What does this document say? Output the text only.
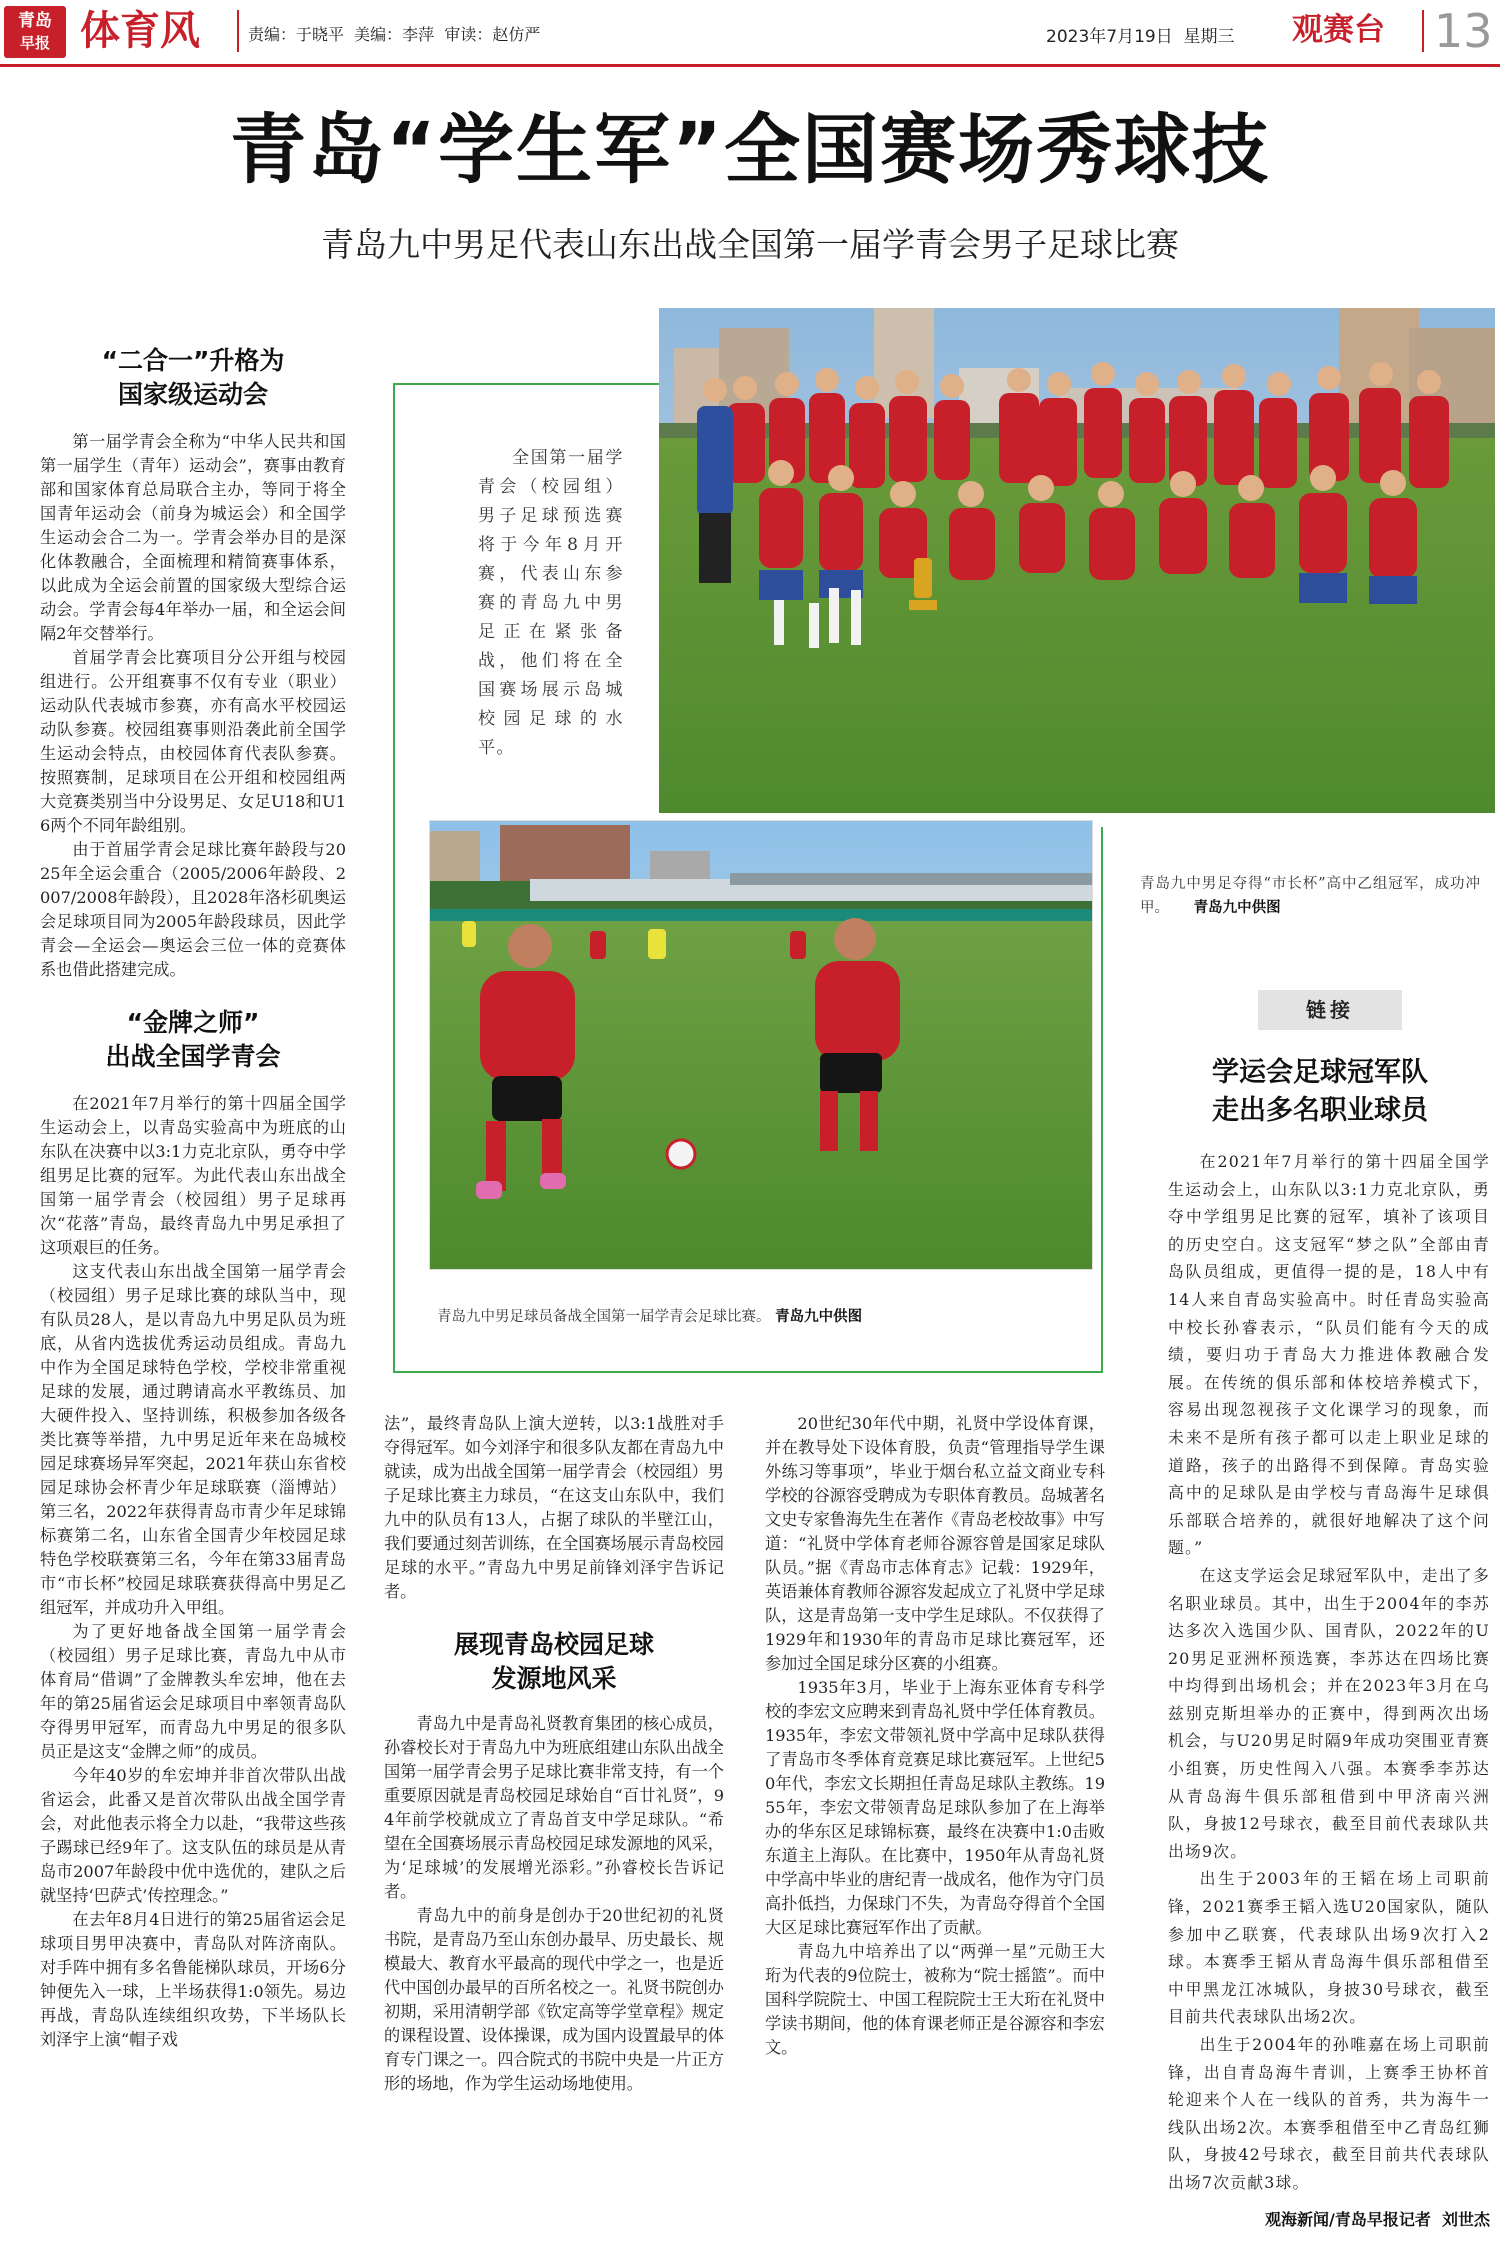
青岛
早报 体育风	责编：于晓平  美编：李萍  审读：赵仿严	2023年7月19日  星期三 观赛台 13
青岛“学生军”全国赛场秀球技
青岛九中男足代表山东出战全国第一届学青会男子足球比赛
“二合一”升格为
国家级运动会

第一届学青会全称为“中华人民共和国第一届学生（青年）运动会”，赛事由教育部和国家体育总局联合主办，等同于将全国青年运动会（前身为城运会）和全国学生运动会合二为一。学青会举办目的是深化体教融合，全面梳理和精简赛事体系，以此成为全运会前置的国家级大型综合运动会。学青会每4年举办一届，和全运会间隔2年交替举行。

首届学青会比赛项目分公开组与校园组进行。公开组赛事不仅有专业（职业）运动队代表城市参赛，亦有高水平校园运动队参赛。校园组赛事则沿袭此前全国学生运动会特点，由校园体育代表队参赛。按照赛制，足球项目在公开组和校园组两大竞赛类别当中分设男足、女足U18和U16两个不同年龄组别。

由于首届学青会足球比赛年龄段与2025年全运会重合（2005/2006年龄段、2007/2008年龄段），且2028年洛杉矶奥运会足球项目同为2005年龄段球员，因此学青会—全运会—奥运会三位一体的竞赛体系也借此搭建完成。

“金牌之师”
出战全国学青会

在2021年7月举行的第十四届全国学生运动会上，以青岛实验高中为班底的山东队在决赛中以3:1力克北京队，勇夺中学组男足比赛的冠军。为此代表山东出战全国第一届学青会（校园组）男子足球再次“花落”青岛，最终青岛九中男足承担了这项艰巨的任务。

这支代表山东出战全国第一届学青会（校园组）男子足球比赛的球队当中，现有队员28人，是以青岛九中男足队员为班底，从省内选拔优秀运动员组成。青岛九中作为全国足球特色学校，学校非常重视足球的发展，通过聘请高水平教练员、加大硬件投入、坚持训练，积极参加各级各类比赛等举措，九中男足近年来在岛城校园足球赛场异军突起，2021年获山东省校园足球协会杯青少年足球联赛（淄博站）第三名，2022年获得青岛市青少年足球锦标赛第二名，山东省全国青少年校园足球特色学校联赛第三名，今年在第33届青岛市“市长杯”校园足球联赛获得高中男足乙组冠军，并成功升入甲组。

为了更好地备战全国第一届学青会（校园组）男子足球比赛，青岛九中从市体育局“借调”了金牌教头牟宏坤，他在去年的第25届省运会足球项目中率领青岛队夺得男甲冠军，而青岛九中男足的很多队员正是这支“金牌之师”的成员。

今年40岁的牟宏坤并非首次带队出战省运会，此番又是首次带队出战全国学青会，对此他表示将全力以赴，“我带这些孩子踢球已经9年了。这支队伍的球员是从青岛市2007年龄段中优中选优的，建队之后就坚持‘巴萨式’传控理念。”

在去年8月4日进行的第25届省运会足球项目男甲决赛中，青岛队对阵济南队。对手阵中拥有多名鲁能梯队球员，开场6分钟便先入一球，上半场获得1:0领先。易边再战，青岛队连续组织攻势，下半场队长刘泽宇上演“帽子戏

全国第一届学青会（校园组）男子足球预选赛将于今年8月开赛，代表山东参赛的青岛九中男足正在紧张备战，他们将在全国赛场展示岛城校园足球的水平。
青岛九中男足夺得“市长杯”高中乙组冠军，成功冲甲。 青岛九中供图
青岛九中男足球员备战全国第一届学青会足球比赛。 青岛九中供图

法”，最终青岛队上演大逆转，以3:1战胜对手夺得冠军。如今刘泽宇和很多队友都在青岛九中就读，成为出战全国第一届学青会（校园组）男子足球比赛主力球员，“在这支山东队中，我们九中的队员有13人，占据了球队的半壁江山，我们要通过刻苦训练，在全国赛场展示青岛校园足球的水平。”青岛九中男足前锋刘泽宇告诉记者。

展现青岛校园足球
发源地风采

青岛九中是青岛礼贤教育集团的核心成员，孙睿校长对于青岛九中为班底组建山东队出战全国第一届学青会男子足球比赛非常支持，有一个重要原因就是青岛校园足球始自“百廿礼贤”，94年前学校就成立了青岛首支中学足球队。“希望在全国赛场展示青岛校园足球发源地的风采，为‘足球城’的发展增光添彩。”孙睿校长告诉记者。

青岛九中的前身是创办于20世纪初的礼贤书院，是青岛乃至山东创办最早、历史最长、规模最大、教育水平最高的现代中学之一，也是近代中国创办最早的百所名校之一。礼贤书院创办初期，采用清朝学部《钦定高等学堂章程》规定的课程设置、设体操课，成为国内设置最早的体育专门课之一。四合院式的书院中央是一片正方形的场地，作为学生运动场地使用。

20世纪30年代中期，礼贤中学设体育课，并在教导处下设体育股，负责“管理指导学生课外练习等事项”，毕业于烟台私立益文商业专科学校的谷源容受聘成为专职体育教员。岛城著名文史专家鲁海先生在著作《青岛老校故事》中写道：“礼贤中学体育老师谷源容曾是国家足球队队员。”据《青岛市志体育志》记载：1929年，英语兼体育教师谷源容发起成立了礼贤中学足球队，这是青岛第一支中学生足球队。不仅获得了1929年和1930年的青岛市足球比赛冠军，还参加过全国足球分区赛的小组赛。

1935年3月，毕业于上海东亚体育专科学校的李宏文应聘来到青岛礼贤中学任体育教员。1935年，李宏文带领礼贤中学高中足球队获得了青岛市冬季体育竞赛足球比赛冠军。上世纪50年代，李宏文长期担任青岛足球队主教练。1955年，李宏文带领青岛足球队参加了在上海举办的华东区足球锦标赛，最终在决赛中1:0击败东道主上海队。在比赛中，1950年从青岛礼贤中学高中毕业的唐纪青一战成名，他作为守门员高扑低挡，力保球门不失，为青岛夺得首个全国大区足球比赛冠军作出了贡献。

青岛九中培养出了以“两弹一星”元勋王大珩为代表的9位院士，被称为“院士摇篮”。而中国科学院院士、中国工程院院士王大珩在礼贤中学读书期间，他的体育课老师正是谷源容和李宏文。

链接
学运会足球冠军队
走出多名职业球员

在2021年7月举行的第十四届全国学生运动会上，山东队以3:1力克北京队，勇夺中学组男足比赛的冠军，填补了该项目的历史空白。这支冠军“梦之队”全部由青岛队员组成，更值得一提的是，18人中有14人来自青岛实验高中。时任青岛实验高中校长孙睿表示，“队员们能有今天的成绩，要归功于青岛大力推进体教融合发展。在传统的俱乐部和体校培养模式下，容易出现忽视孩子文化课学习的现象，而未来不是所有孩子都可以走上职业足球的道路，孩子的出路得不到保障。青岛实验高中的足球队是由学校与青岛海牛足球俱乐部联合培养的，就很好地解决了这个问题。”

在这支学运会足球冠军队中，走出了多名职业球员。其中，出生于2004年的李苏达多次入选国少队、国青队，2022年的U20男足亚洲杯预选赛，李苏达在四场比赛中均得到出场机会；并在2023年3月在乌兹别克斯坦举办的正赛中，得到两次出场机会，与U20男足时隔9年成功突围亚青赛小组赛，历史性闯入八强。本赛季李苏达从青岛海牛俱乐部租借到中甲济南兴洲队，身披12号球衣，截至目前代表球队共出场9次。

出生于2003年的王韬在场上司职前锋，2021赛季王韬入选U20国家队，随队参加中乙联赛，代表球队出场9次打入2球。本赛季王韬从青岛海牛俱乐部租借至中甲黑龙江冰城队，身披30号球衣，截至目前共代表球队出场2次。

出生于2004年的孙唯嘉在场上司职前锋，出自青岛海牛青训，上赛季王协杯首轮迎来个人在一线队的首秀，共为海牛一线队出场2次。本赛季租借至中乙青岛红狮队，身披42号球衣，截至目前共代表球队出场7次贡献3球。

观海新闻/青岛早报记者  刘世杰
